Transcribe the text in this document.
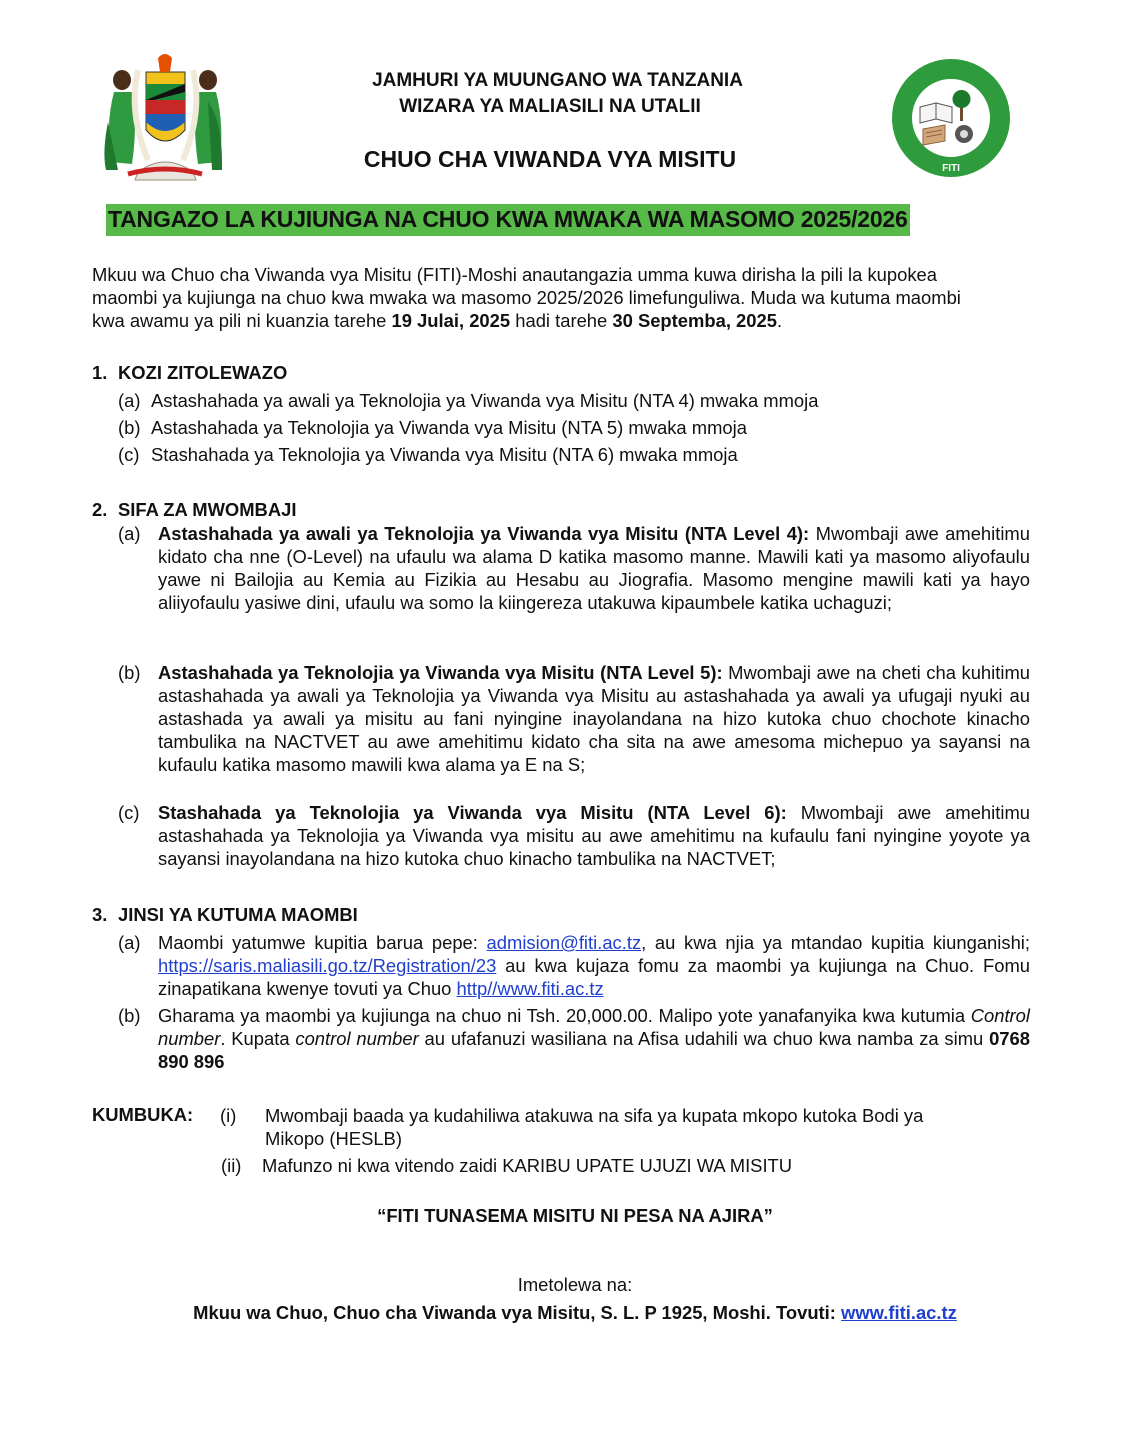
FITI
JAMHURI YA MUUNGANO WA TANZANIA
WIZARA YA MALIASILI NA UTALII
CHUO CHA VIWANDA VYA MISITU
TANGAZO LA KUJIUNGA NA CHUO KWA MWAKA WA MASOMO 2025/2026
Mkuu wa Chuo cha Viwanda vya Misitu (FITI)-Moshi anautangazia umma kuwa dirisha la pili la kupokea
maombi ya kujiunga na chuo kwa mwaka wa masomo 2025/2026 limefunguliwa. Muda wa kutuma maombi
kwa awamu ya pili ni kuanzia tarehe 19 Julai, 2025 hadi tarehe 30 Septemba, 2025.
1. KOZI ZITOLEWAZO
(a) Astashahada ya awali ya Teknolojia ya Viwanda vya Misitu (NTA 4) mwaka mmoja
(b) Astashahada ya Teknolojia ya Viwanda vya Misitu (NTA 5) mwaka mmoja
(c) Stashahada ya Teknolojia ya Viwanda vya Misitu (NTA 6) mwaka mmoja
2. SIFA ZA MWOMBAJI
(a) Astashahada ya awali ya Teknolojia ya Viwanda vya Misitu (NTA Level 4): Mwombaji awe amehitimu kidato cha nne (O-Level) na ufaulu wa alama D katika masomo manne. Mawili kati ya masomo aliyofaulu yawe ni Bailojia au Kemia au Fizikia au Hesabu au Jiografia. Masomo mengine mawili kati ya hayo aliiyofaulu yasiwe dini, ufaulu wa somo la kiingereza utakuwa kipaumbele katika uchaguzi;
(b) Astashahada ya Teknolojia ya Viwanda vya Misitu (NTA Level 5): Mwombaji awe na cheti cha kuhitimu astashahada ya awali ya Teknolojia ya Viwanda vya Misitu au astashahada ya awali ya ufugaji nyuki au astashada ya awali ya misitu au fani nyingine inayolandana na hizo kutoka chuo chochote kinacho tambulika na NACTVET au awe amehitimu kidato cha sita na awe amesoma michepuo ya sayansi na kufaulu katika masomo mawili kwa alama ya E na S;
(c) Stashahada ya Teknolojia ya Viwanda vya Misitu (NTA Level 6): Mwombaji awe amehitimu astashahada ya Teknolojia ya Viwanda vya misitu au awe amehitimu na kufaulu fani nyingine yoyote ya sayansi inayolandana na hizo kutoka chuo kinacho tambulika na NACTVET;
3. JINSI YA KUTUMA MAOMBI
(a) Maombi yatumwe kupitia barua pepe: admision@fiti.ac.tz, au kwa njia ya mtandao kupitia kiunganishi; https://saris.maliasili.go.tz/Registration/23 au kwa kujaza fomu za maombi ya kujiunga na Chuo. Fomu zinapatikana kwenye tovuti ya Chuo http//www.fiti.ac.tz
(b) Gharama ya maombi ya kujiunga na chuo ni Tsh. 20,000.00. Malipo yote yanafanyika kwa kutumia Control number. Kupata control number au ufafanuzi wasiliana na Afisa udahili wa chuo kwa namba za simu 0768 890 896
KUMBUKA: (i) Mwombaji baada ya kudahiliwa atakuwa na sifa ya kupata mkopo kutoka Bodi ya
Mikopo (HESLB)
(ii) Mafunzo ni kwa vitendo zaidi KARIBU UPATE UJUZI WA MISITU
“FITI TUNASEMA MISITU NI PESA NA AJIRA”
Imetolewa na:
Mkuu wa Chuo, Chuo cha Viwanda vya Misitu, S. L. P 1925, Moshi. Tovuti: www.fiti.ac.tz
